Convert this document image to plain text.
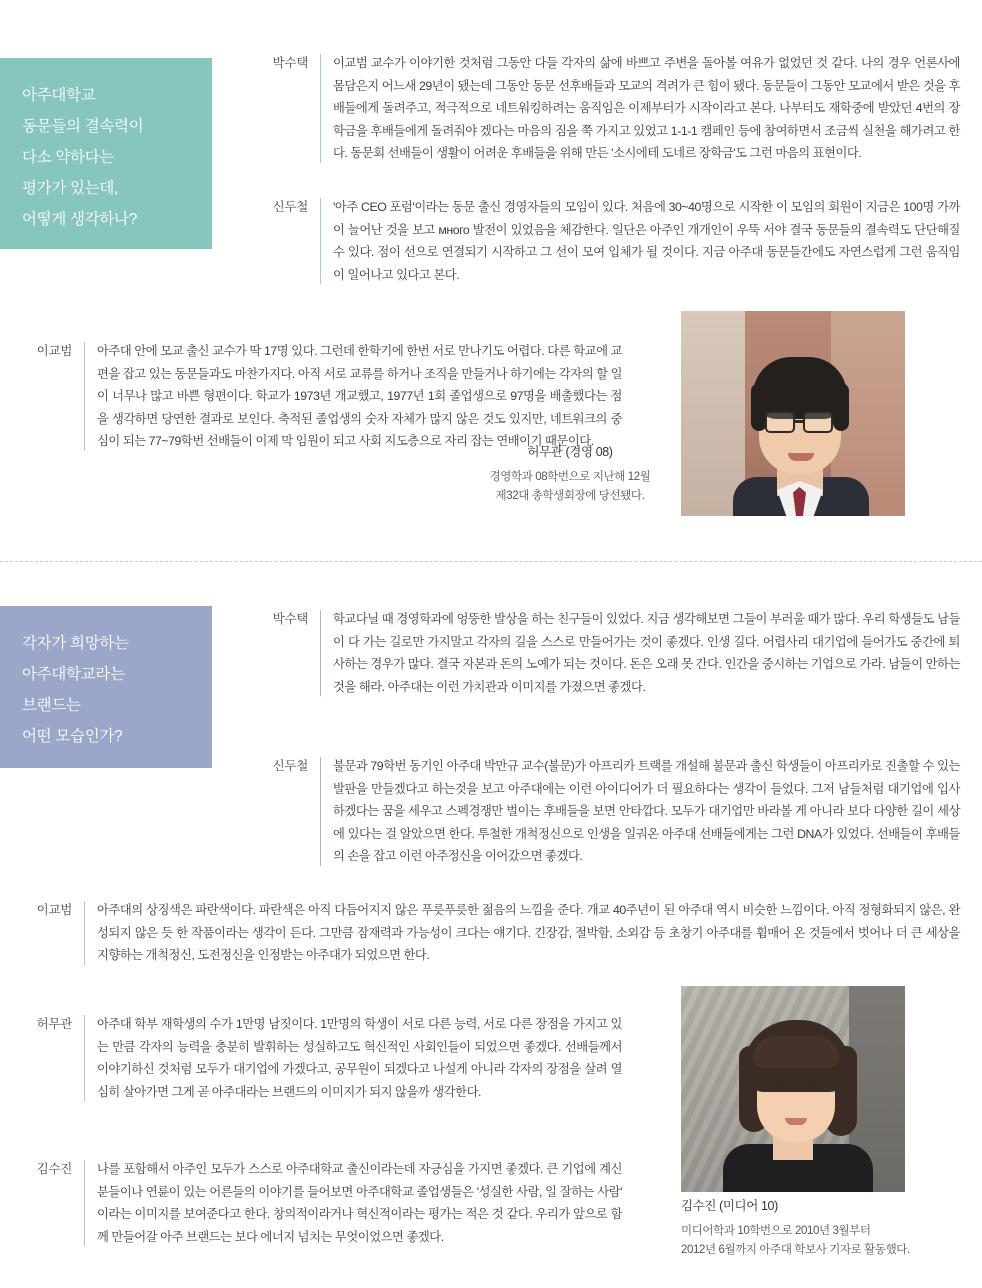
아주대학교
동문들의 결속력이
다소 약하다는
평가가 있는데,
어떻게 생각하나?
박수택 이교범 교수가 이야기한 것처럼 그동안 다들 각자의 삶에 바쁘고 주변을 돌아볼 여유가 없었던 것 같다. 나의 경우 언론사에 몸담은지 어느새 29년이 됐는데 그동안 동문 선후배들과 모교의 격려가 큰 힘이 됐다. 동문들이 그동안 모교에서 받은 것을 후배들에게 돌려주고, 적극적으로 네트워킹하려는 움직임은 이제부터가 시작이라고 본다. 나부터도 재학중에 받았던 4번의 장학금을 후배들에게 돌려줘야 겠다는 마음의 짐을 쭉 가지고 있었고 1-1-1 캠페인 등에 참여하면서 조금씩 실천을 해가려고 한다. 동문회 선배들이 생활이 어려운 후배들을 위해 만든 '소시에테 도네르 장학금'도 그런 마음의 표현이다.
신두철 '아주 CEO 포럼'이라는 동문 출신 경영자들의 모임이 있다. 처음에 30~40명으로 시작한 이 모임의 회원이 지금은 100명 가까이 늘어난 것을 보고 много 발전이 있었음을 체감한다. 일단은 아주인 개개인이 우뚝 서야 결국 동문들의 결속력도 단단해질 수 있다. 점이 선으로 연결되기 시작하고 그 선이 모여 입체가 될 것이다. 지금 아주대 동문들간에도 자연스럽게 그런 움직임이 일어나고 있다고 본다.
이교범 아주대 안에 모교 출신 교수가 딱 17명 있다. 그런데 한학기에 한번 서로 만나기도 어렵다. 다른 학교에 교편을 잡고 있는 동문들과도 마찬가지다. 아직 서로 교류를 하거나 조직을 만들거나 하기에는 각자의 할 일이 너무나 많고 바쁜 형편이다. 학교가 1973년 개교했고, 1977년 1회 졸업생으로 97명을 배출했다는 점을 생각하면 당연한 결과로 보인다. 축적된 졸업생의 숫자 자체가 많지 않은 것도 있지만, 네트워크의 중심이 되는 77~79학번 선배들이 이제 막 임원이 되고 사회 지도층으로 자리 잡는 연배이기 때문이다.
허무관 (경영 08)
경영학과 08학번으로 지난해 12월
제32대 총학생회장에 당선됐다.
각자가 희망하는
아주대학교라는
브랜드는
어떤 모습인가?
박수택 학교다닐 때 경영학과에 엉뚱한 발상을 하는 친구들이 있었다. 지금 생각해보면 그들이 부러울 때가 많다. 우리 학생들도 남들이 다 가는 길로만 가지말고 각자의 길을 스스로 만들어가는 것이 좋겠다. 인생 길다. 어렵사리 대기업에 들어가도 중간에 퇴사하는 경우가 많다. 결국 자본과 돈의 노예가 되는 것이다. 돈은 오래 못 간다. 인간을 중시하는 기업으로 가라. 남들이 안하는 것을 해라. 아주대는 이런 가치관과 이미지를 가졌으면 좋겠다.
신두철 불문과 79학번 동기인 아주대 박만규 교수(불문)가 아프리카 트랙를 개설해 불문과 출신 학생들이 아프리카로 진출할 수 있는 발판을 만들겠다고 하는것을 보고 아주대에는 이런 아이디어가 더 필요하다는 생각이 들었다. 그저 남들처럼 대기업에 입사하겠다는 꿈을 세우고 스펙경쟁만 벌이는 후배들을 보면 안타깝다. 모두가 대기업만 바라볼 게 아니라 보다 다양한 길이 세상에 있다는 걸 알았으면 한다. 투철한 개척정신으로 인생을 일궈온 아주대 선배들에게는 그런 DNA가 있었다. 선배들이 후배들의 손을 잡고 이런 아주정신을 이어갔으면 좋겠다.
이교범 아주대의 상징색은 파란색이다. 파란색은 아직 다듬어지지 않은 푸릇푸릇한 젊음의 느낌을 준다. 개교 40주년이 된 아주대 역시 비슷한 느낌이다. 아직 정형화되지 않은, 완성되지 않은 듯 한 작품이라는 생각이 든다. 그만큼 잠재력과 가능성이 크다는 얘기다. 긴장감, 절박함, 소외감 등 초창기 아주대를 휨매어 온 것들에서 벗어나 더 큰 세상을 지향하는 개척정신, 도전정신을 인정받는 아주대가 되었으면 한다.
허무관 아주대 학부 재학생의 수가 1만명 남짓이다. 1만명의 학생이 서로 다른 능력, 서로 다른 장점을 가지고 있는 만큼 각자의 능력을 충분히 발휘하는 성실하고도 혁신적인 사회인들이 되었으면 좋겠다. 선배들께서 이야기하신 것처럼 모두가 대기업에 가겠다고, 공무원이 되겠다고 나설게 아니라 각자의 장점을 살려 열심히 살아가면 그게 곧 아주대라는 브랜드의 이미지가 되지 않을까 생각한다.
김수진 나를 포함해서 아주인 모두가 스스로 아주대학교 출신이라는데 자긍심을 가지면 좋겠다. 큰 기업에 계신 분들이나 연륜이 있는 어른들의 이야기를 들어보면 아주대학교 졸업생들은 '성실한 사람, 일 잘하는 사람' 이라는 이미지를 보여준다고 한다. 창의적이라거나 혁신적이라는 평가는 적은 것 같다. 우리가 앞으로 함께 만들어갈 아주 브랜드는 보다 에너지 넘치는 무엇이었으면 좋겠다.
김수진 (미디어 10)
미디어학과 10학번으로 2010년 3월부터
2012년 6월까지 아주대 학보사 기자로 활동했다.
